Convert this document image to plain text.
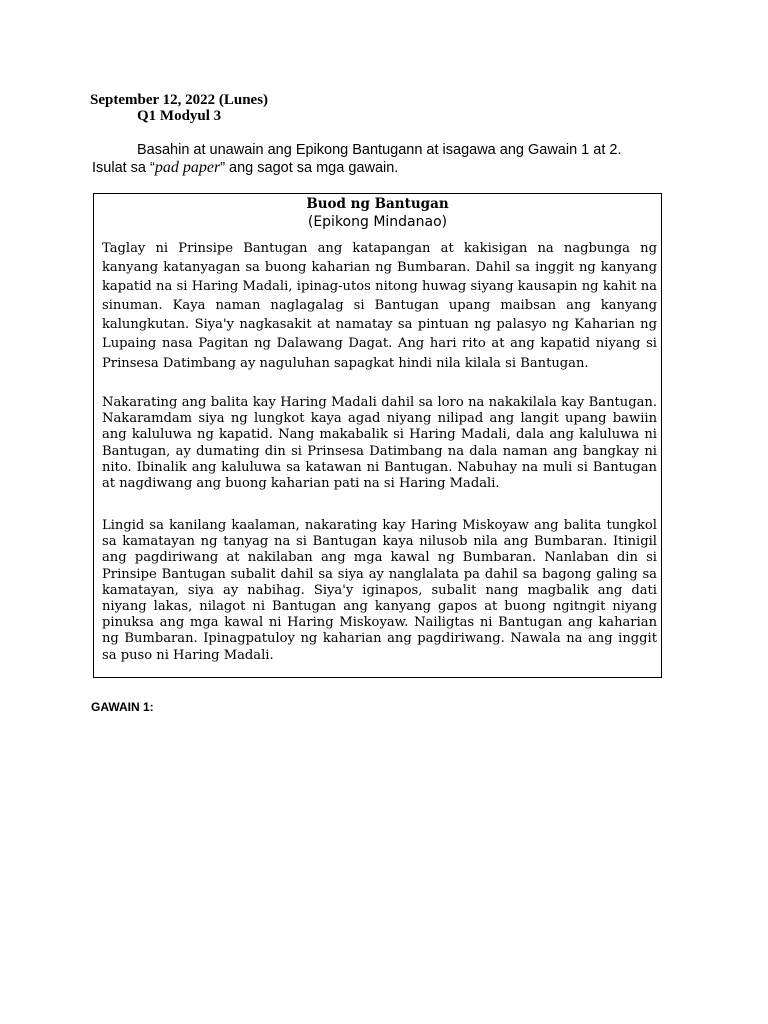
September 12, 2022 (Lunes)
Q1 Modyul 3
Basahin at unawain ang Epikong Bantugann at isagawa ang Gawain 1 at 2.
Isulat sa “pad paper” ang sagot sa mga gawain.
Buod ng Bantugan
(Epikong Mindanao)

Taglay ni Prinsipe Bantugan ang katapangan at kakisigan na nagbunga ng kanyang katanyagan sa buong kaharian ng Bumbaran. Dahil sa inggit ng kanyang kapatid na si Haring Madali, ipinag-utos nitong huwag siyang kausapin ng kahit na sinuman. Kaya naman naglagalag si Bantugan upang maibsan ang kanyang kalungkutan. Siya'y nagkasakit at namatay sa pintuan ng palasyo ng Kaharian ng Lupaing nasa Pagitan ng Dalawang Dagat. Ang hari rito at ang kapatid niyang si Prinsesa Datimbang ay naguluhan sapagkat hindi nila kilala si Bantugan.

Nakarating ang balita kay Haring Madali dahil sa loro na nakakilala kay Bantugan. Nakaramdam siya ng lungkot kaya agad niyang nilipad ang langit upang bawiin ang kaluluwa ng kapatid. Nang makabalik si Haring Madali, dala ang kaluluwa ni Bantugan, ay dumating din si Prinsesa Datimbang na dala naman ang bangkay ni nito. Ibinalik ang kaluluwa sa katawan ni Bantugan. Nabuhay na muli si Bantugan at nagdiwang ang buong kaharian pati na si Haring Madali.

Lingid sa kanilang kaalaman, nakarating kay Haring Miskoyaw ang balita tungkol sa kamatayan ng tanyag na si Bantugan kaya nilusob nila ang Bumbaran. Itinigil ang pagdiriwang at nakilaban ang mga kawal ng Bumbaran. Nanlaban din si Prinsipe Bantugan subalit dahil sa siya ay nanglalata pa dahil sa bagong galing sa kamatayan, siya ay nabihag. Siya'y iginapos, subalit nang magbalik ang dati niyang lakas, nilagot ni Bantugan ang kanyang gapos at buong ngitngit niyang pinuksa ang mga kawal ni Haring Miskoyaw. Nailigtas ni Bantugan ang kaharian ng Bumbaran. Ipinagpatuloy ng kaharian ang pagdiriwang. Nawala na ang inggit sa puso ni Haring Madali.

GAWAIN 1:
